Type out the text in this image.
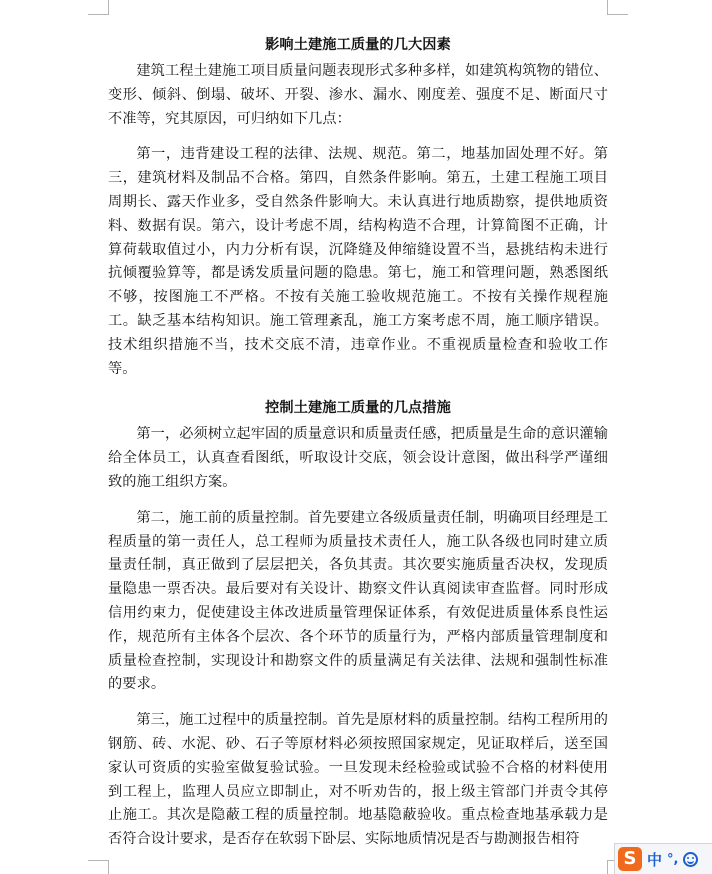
影响土建施工质量的几大因素

建筑工程土建施工项目质量问题表现形式多种多样，如建筑构筑物的错位、变形、倾斜、倒塌、破坏、开裂、渗水、漏水、刚度差、强度不足、断面尺寸不准等，究其原因，可归纳如下几点：

第一，违背建设工程的法律、法规、规范。第二，地基加固处理不好。第三，建筑材料及制品不合格。第四，自然条件影响。第五，土建工程施工项目周期长、露天作业多，受自然条件影响大。未认真进行地质勘察，提供地质资料、数据有误。第六，设计考虑不周，结构构造不合理，计算简图不正确，计算荷载取值过小，内力分析有误，沉降缝及伸缩缝设置不当，悬挑结构未进行抗倾覆验算等，都是诱发质量问题的隐患。第七，施工和管理问题，熟悉图纸不够，按图施工不严格。不按有关施工验收规范施工。不按有关操作规程施工。缺乏基本结构知识。施工管理紊乱，施工方案考虑不周，施工顺序错误。技术组织措施不当，技术交底不清，违章作业。不重视质量检查和验收工作等。

控制土建施工质量的几点措施

第一，必须树立起牢固的质量意识和质量责任感，把质量是生命的意识灌输给全体员工，认真查看图纸，听取设计交底，领会设计意图，做出科学严谨细致的施工组织方案。

第二，施工前的质量控制。首先要建立各级质量责任制，明确项目经理是工程质量的第一责任人，总工程师为质量技术责任人，施工队各级也同时建立质量责任制，真正做到了层层把关，各负其责。其次要实施质量否决权，发现质量隐患一票否决。最后要对有关设计、勘察文件认真阅读审查监督。同时形成信用约束力，促使建设主体改进质量管理保证体系，有效促进质量体系良性运作，规范所有主体各个层次、各个环节的质量行为，严格内部质量管理制度和质量检查控制，实现设计和勘察文件的质量满足有关法律、法规和强制性标准的要求。

第三，施工过程中的质量控制。首先是原材料的质量控制。结构工程所用的钢筋、砖、水泥、砂、石子等原材料必须按照国家规定，见证取样后，送至国家认可资质的实验室做复验试验。一旦发现未经检验或试验不合格的材料使用到工程上，监理人员应立即制止，对不听劝告的，报上级主管部门并责令其停止施工。其次是隐蔽工程的质量控制。地基隐蔽验收。重点检查地基承载力是否符合设计要求，是否存在软弱下卧层、实际地质情况是否与勘测报告相符

S 中 °,
